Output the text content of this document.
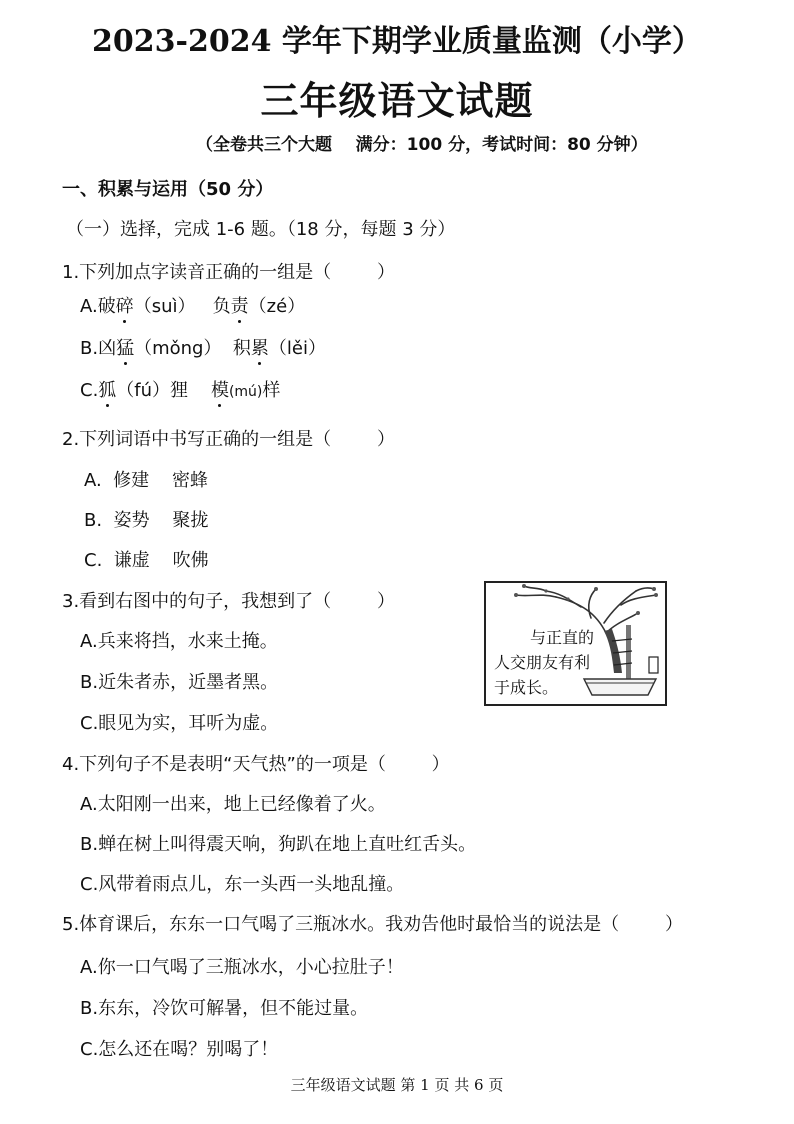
2023-2024 学年下期学业质量监测（小学）
三年级语文试题
（全卷共三个大题    满分：100 分，考试时间：80 分钟）
一、积累与运用（50 分）
（一）选择，完成 1-6 题。（18 分，每题 3 分）
1.下列加点字读音正确的一组是（        ）
A.破碎（suì）   负责（zé）
B.凶猛（mǒng）  积累（lěi）
C.狐（fú）狸    模(mú)样
2.下列词语中书写正确的一组是（        ）
A.  修建    密蜂
B.  姿势    聚拢
C.  谦虚    吹佛
3.看到右图中的句子，我想到了（        ）
A.兵来将挡，水来土掩。
B.近朱者赤，近墨者黑。
C.眼见为实，耳听为虚。
与正直的
人交朋友有利
于成长。
4.下列句子不是表明“天气热”的一项是（        ）
A.太阳刚一出来，地上已经像着了火。
B.蝉在树上叫得震天响，狗趴在地上直吐红舌头。
C.风带着雨点儿，东一头西一头地乱撞。
5.体育课后，东东一口气喝了三瓶冰水。我劝告他时最恰当的说法是（        ）
A.你一口气喝了三瓶冰水，小心拉肚子！
B.东东，冷饮可解暑，但不能过量。
C.怎么还在喝？别喝了！
三年级语文试题 第 1 页 共 6 页
